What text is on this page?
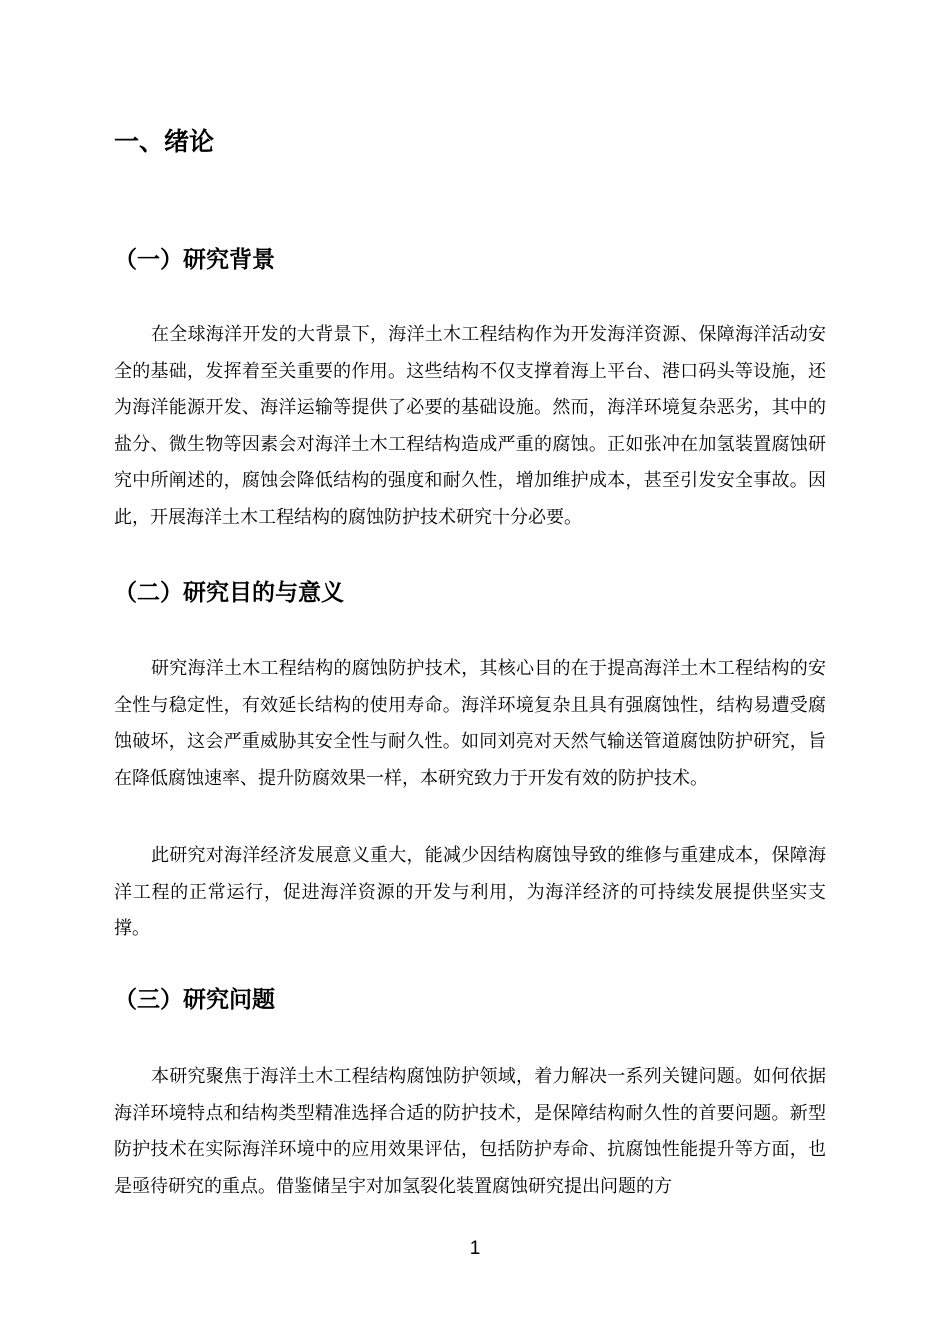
一、绪论
（一）研究背景

在全球海洋开发的大背景下，海洋土木工程结构作为开发海洋资源、保障海洋活动安全的基础，发挥着至关重要的作用。这些结构不仅支撑着海上平台、港口码头等设施，还为海洋能源开发、海洋运输等提供了必要的基础设施。然而，海洋环境复杂恶劣，其中的盐分、微生物等因素会对海洋土木工程结构造成严重的腐蚀。正如张冲在加氢装置腐蚀研究中所阐述的，腐蚀会降低结构的强度和耐久性，增加维护成本，甚至引发安全事故。因此，开展海洋土木工程结构的腐蚀防护技术研究十分必要。

（二）研究目的与意义

研究海洋土木工程结构的腐蚀防护技术，其核心目的在于提高海洋土木工程结构的安全性与稳定性，有效延长结构的使用寿命。海洋环境复杂且具有强腐蚀性，结构易遭受腐蚀破坏，这会严重威胁其安全性与耐久性。如同刘亮对天然气输送管道腐蚀防护研究，旨在降低腐蚀速率、提升防腐效果一样，本研究致力于开发有效的防护技术。

此研究对海洋经济发展意义重大，能减少因结构腐蚀导致的维修与重建成本，保障海洋工程的正常运行，促进海洋资源的开发与利用，为海洋经济的可持续发展提供坚实支撑。

（三）研究问题

本研究聚焦于海洋土木工程结构腐蚀防护领域，着力解决一系列关键问题。如何依据海洋环境特点和结构类型精准选择合适的防护技术，是保障结构耐久性的首要问题。新型防护技术在实际海洋环境中的应用效果评估，包括防护寿命、抗腐蚀性能提升等方面，也是亟待研究的重点。借鉴储呈宇对加氢裂化装置腐蚀研究提出问题的方

1
